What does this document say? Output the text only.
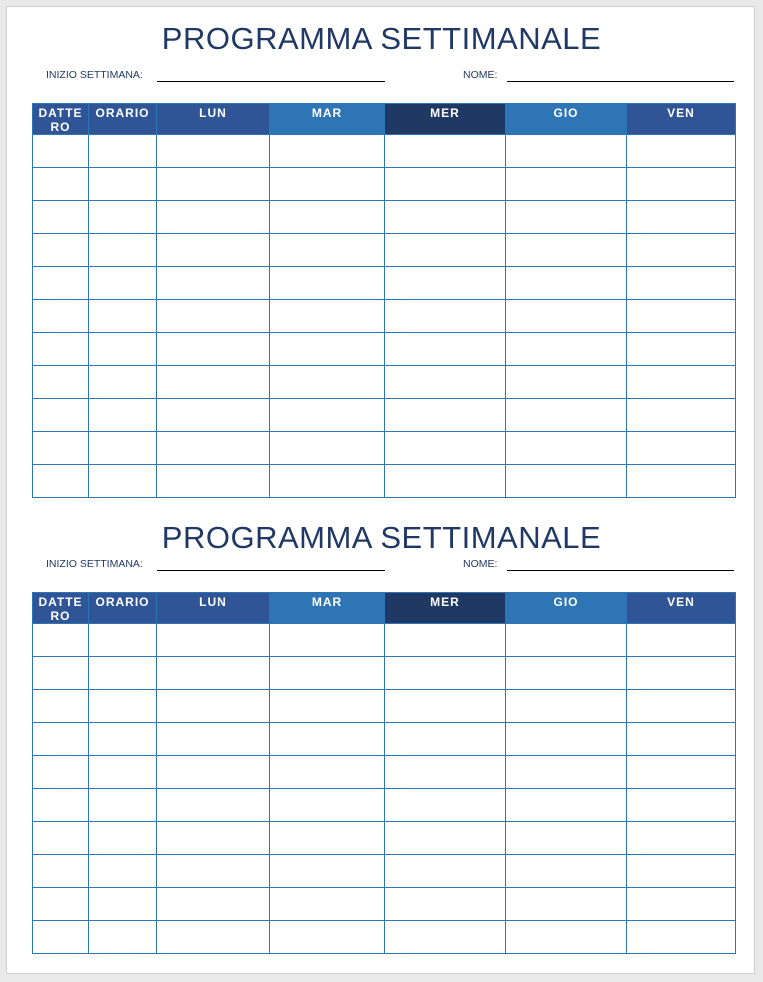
PROGRAMMA SETTIMANALE
INIZIO SETTIMANA:	NOME:
DATTERO	ORARIO	LUN	MAR	MER	GIO	VEN

PROGRAMMA SETTIMANALE
INIZIO SETTIMANA:	NOME:
DATTERO	ORARIO	LUN	MAR	MER	GIO	VEN
